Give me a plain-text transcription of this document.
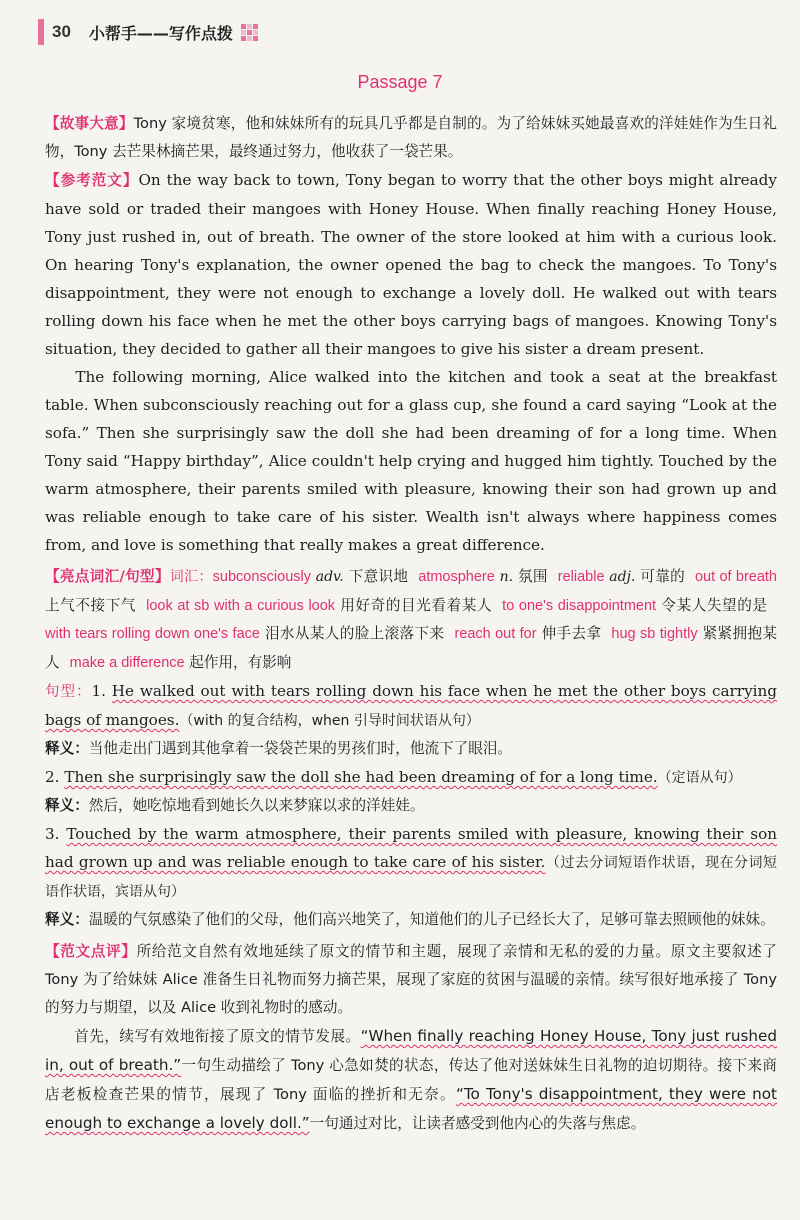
30 小帮手——写作点拨
Passage 7

【故事大意】Tony 家境贫寒，他和妹妹所有的玩具几乎都是自制的。为了给妹妹买她最喜欢的洋娃娃作为生日礼物，Tony 去芒果林摘芒果，最终通过努力，他收获了一袋芒果。

【参考范文】On the way back to town, Tony began to worry that the other boys might already have sold or traded their mangoes with Honey House. When finally reaching Honey House, Tony just rushed in, out of breath. The owner of the store looked at him with a curious look. On hearing Tony's explanation, the owner opened the bag to check the mangoes. To Tony's disappointment, they were not enough to exchange a lovely doll. He walked out with tears rolling down his face when he met the other boys carrying bags of mangoes. Knowing Tony's situation, they decided to gather all their mangoes to give his sister a dream present.

The following morning, Alice walked into the kitchen and took a seat at the breakfast table. When subconsciously reaching out for a glass cup, she found a card saying “Look at the sofa.” Then she surprisingly saw the doll she had been dreaming of for a long time. When Tony said “Happy birthday”, Alice couldn't help crying and hugged him tightly. Touched by the warm atmosphere, their parents smiled with pleasure, knowing their son had grown up and was reliable enough to take care of his sister. Wealth isn't always where happiness comes from, and love is something that really makes a great difference.

【亮点词汇/句型】词汇：subconsciously adv. 下意识地 atmosphere n. 氛围 reliable adj. 可靠的 out of breath 上气不接下气 look at sb with a curious look 用好奇的目光看着某人 to one's disappointment 令某人失望的是with tears rolling down one's face 泪水从某人的脸上滚落下来 reach out for 伸手去拿 hug sb tightly 紧紧拥抱某人 make a difference 起作用，有影响

句型：1. He walked out with tears rolling down his face when he met the other boys carrying bags of mangoes.（with 的复合结构，when 引导时间状语从句）

释义：当他走出门遇到其他拿着一袋袋芒果的男孩们时，他流下了眼泪。

2. Then she surprisingly saw the doll she had been dreaming of for a long time.（定语从句）

释义：然后，她吃惊地看到她长久以来梦寐以求的洋娃娃。

3. Touched by the warm atmosphere, their parents smiled with pleasure, knowing their son had grown up and was reliable enough to take care of his sister.（过去分词短语作状语，现在分词短语作状语，宾语从句）

释义：温暖的气氛感染了他们的父母，他们高兴地笑了，知道他们的儿子已经长大了，足够可靠去照顾他的妹妹。

【范文点评】所给范文自然有效地延续了原文的情节和主题，展现了亲情和无私的爱的力量。原文主要叙述了 Tony 为了给妹妹 Alice 准备生日礼物而努力摘芒果，展现了家庭的贫困与温暖的亲情。续写很好地承接了 Tony 的努力与期望，以及 Alice 收到礼物时的感动。

首先，续写有效地衔接了原文的情节发展。“When finally reaching Honey House, Tony just rushed in, out of breath.”一句生动描绘了 Tony 心急如焚的状态，传达了他对送妹妹生日礼物的迫切期待。接下来商店老板检查芒果的情节，展现了 Tony 面临的挫折和无奈。“To Tony's disappointment, they were not enough to exchange a lovely doll.”一句通过对比，让读者感受到他内心的失落与焦虑。
